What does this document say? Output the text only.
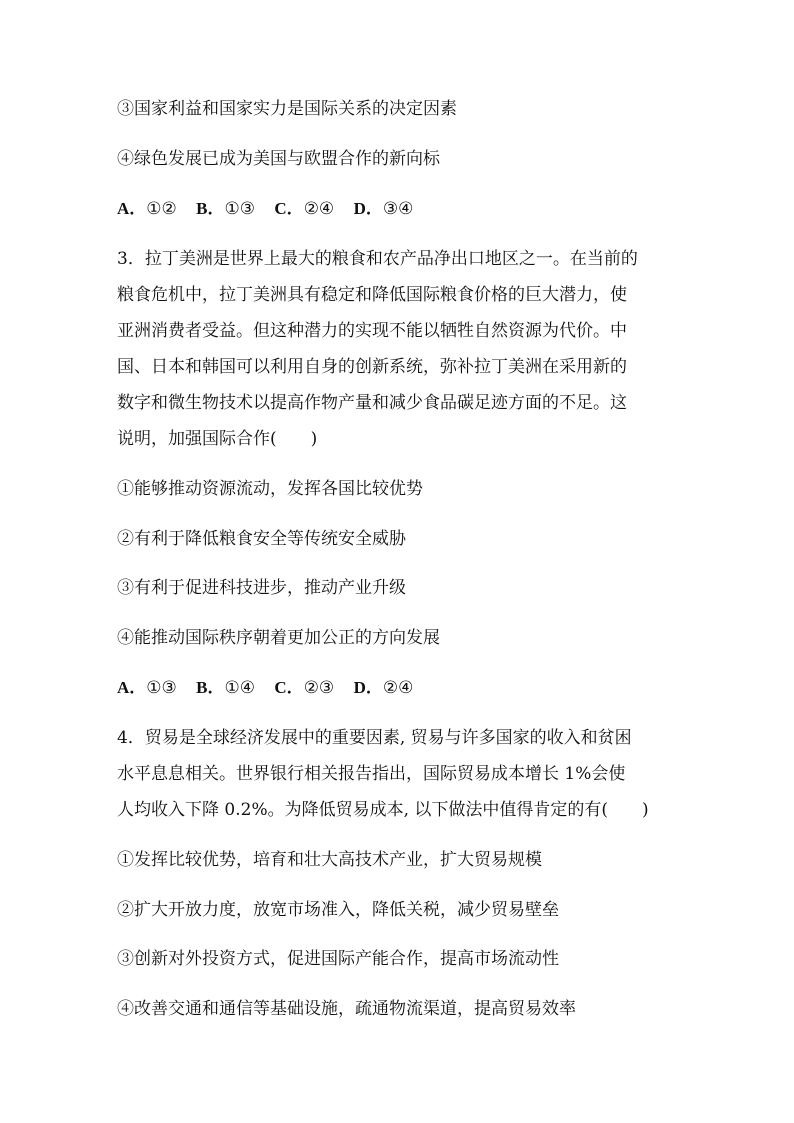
③国家利益和国家实力是国际关系的决定因素
④绿色发展已成为美国与欧盟合作的新向标
A．①② B．①③ C．②④ D．③④
3．拉丁美洲是世界上最大的粮食和农产品净出口地区之一。在当前的
粮食危机中，拉丁美洲具有稳定和降低国际粮食价格的巨大潜力，使
亚洲消费者受益。但这种潜力的实现不能以牺牲自然资源为代价。中
国、日本和韩国可以利用自身的创新系统，弥补拉丁美洲在采用新的
数字和微生物技术以提高作物产量和减少食品碳足迹方面的不足。这
说明，加强国际合作(　　)
①能够推动资源流动，发挥各国比较优势
②有利于降低粮食安全等传统安全威胁
③有利于促进科技进步，推动产业升级
④能推动国际秩序朝着更加公正的方向发展
A．①③ B．①④ C．②③ D．②④
4．贸易是全球经济发展中的重要因素, 贸易与许多国家的收入和贫困
水平息息相关。世界银行相关报告指出，国际贸易成本增长 1%会使
人均收入下降 0.2%。为降低贸易成本, 以下做法中值得肯定的有(　　)
①发挥比较优势，培育和壮大高技术产业，扩大贸易规模
②扩大开放力度，放宽市场准入，降低关税，减少贸易壁垒
③创新对外投资方式，促进国际产能合作，提高市场流动性
④改善交通和通信等基础设施，疏通物流渠道，提高贸易效率
